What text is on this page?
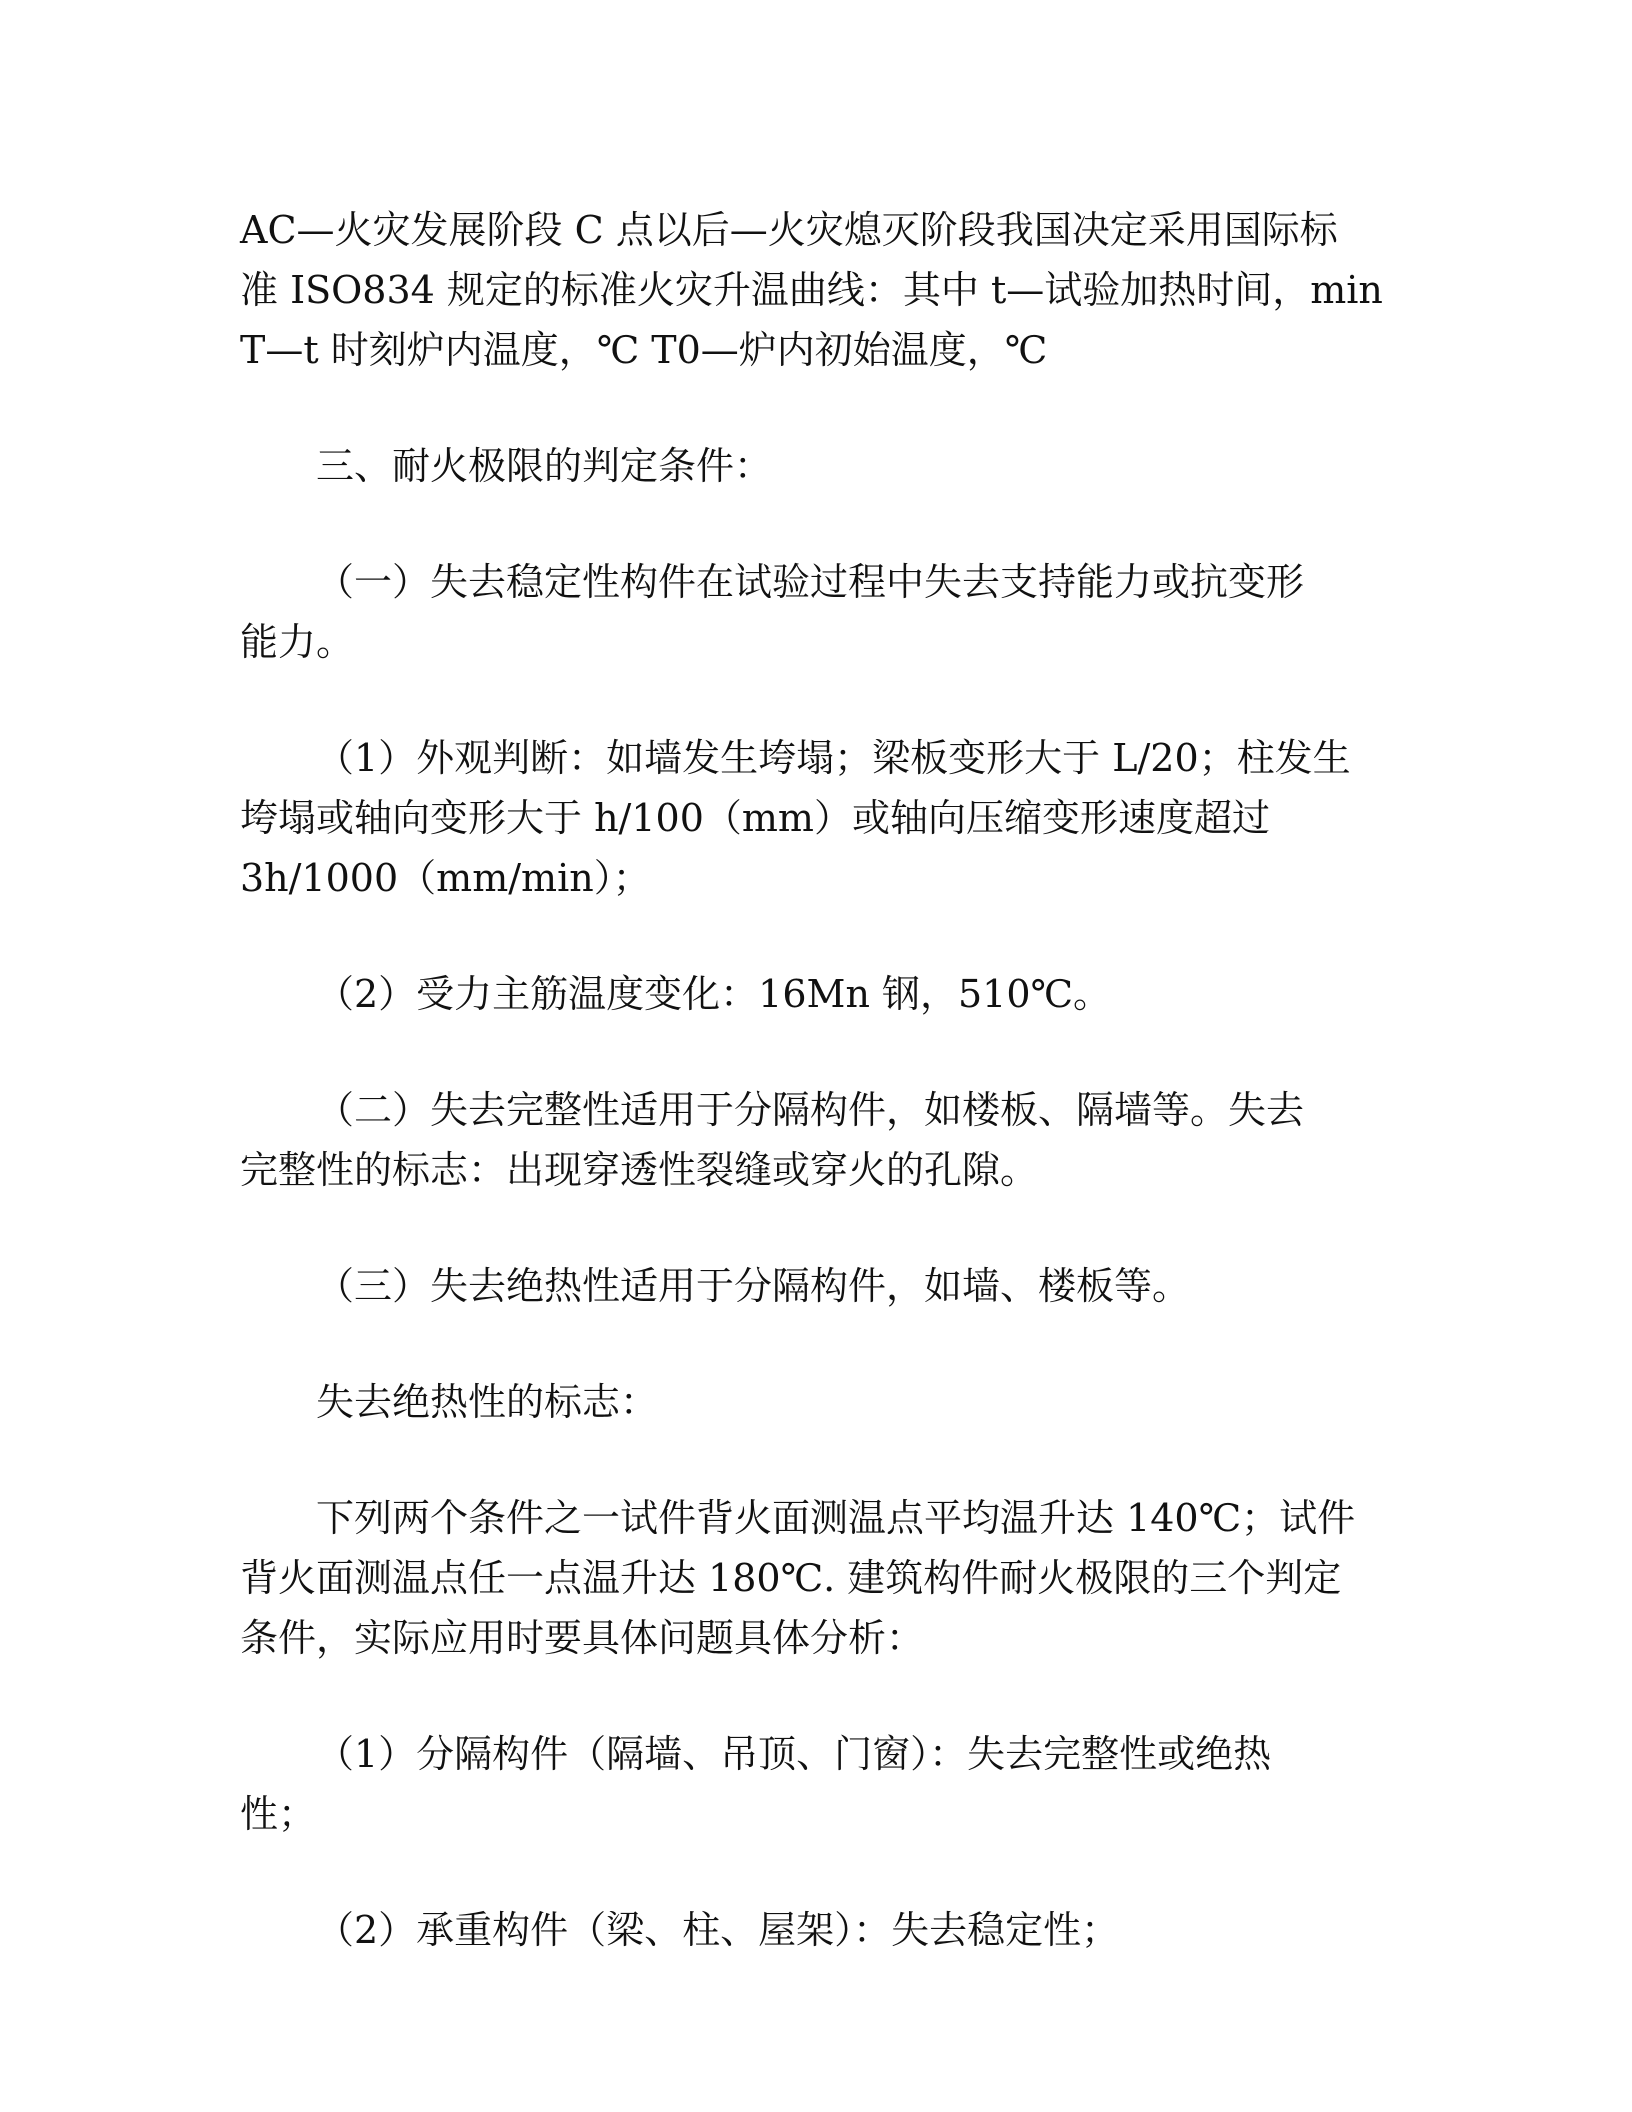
AC—火灾发展阶段 C 点以后—火灾熄灭阶段我国决定采用国际标
准 ISO834 规定的标准火灾升温曲线：其中 t—试验加热时间，min
T—t 时刻炉内温度，℃ T0—炉内初始温度，℃

三、耐火极限的判定条件：

（一）失去稳定性构件在试验过程中失去支持能力或抗变形
能力。

（1）外观判断：如墙发生垮塌；梁板变形大于 L/20；柱发生
垮塌或轴向变形大于 h/100（mm）或轴向压缩变形速度超过
3h/1000（mm/min）；

（2）受力主筋温度变化：16Mn 钢，510℃。

（二）失去完整性适用于分隔构件，如楼板、隔墙等。失去
完整性的标志：出现穿透性裂缝或穿火的孔隙。

（三）失去绝热性适用于分隔构件，如墙、楼板等。

失去绝热性的标志：

下列两个条件之一试件背火面测温点平均温升达 140℃；试件
背火面测温点任一点温升达 180℃. 建筑构件耐火极限的三个判定
条件，实际应用时要具体问题具体分析：

（1）分隔构件（隔墙、吊顶、门窗）：失去完整性或绝热
性；

（2）承重构件（梁、柱、屋架）：失去稳定性；
